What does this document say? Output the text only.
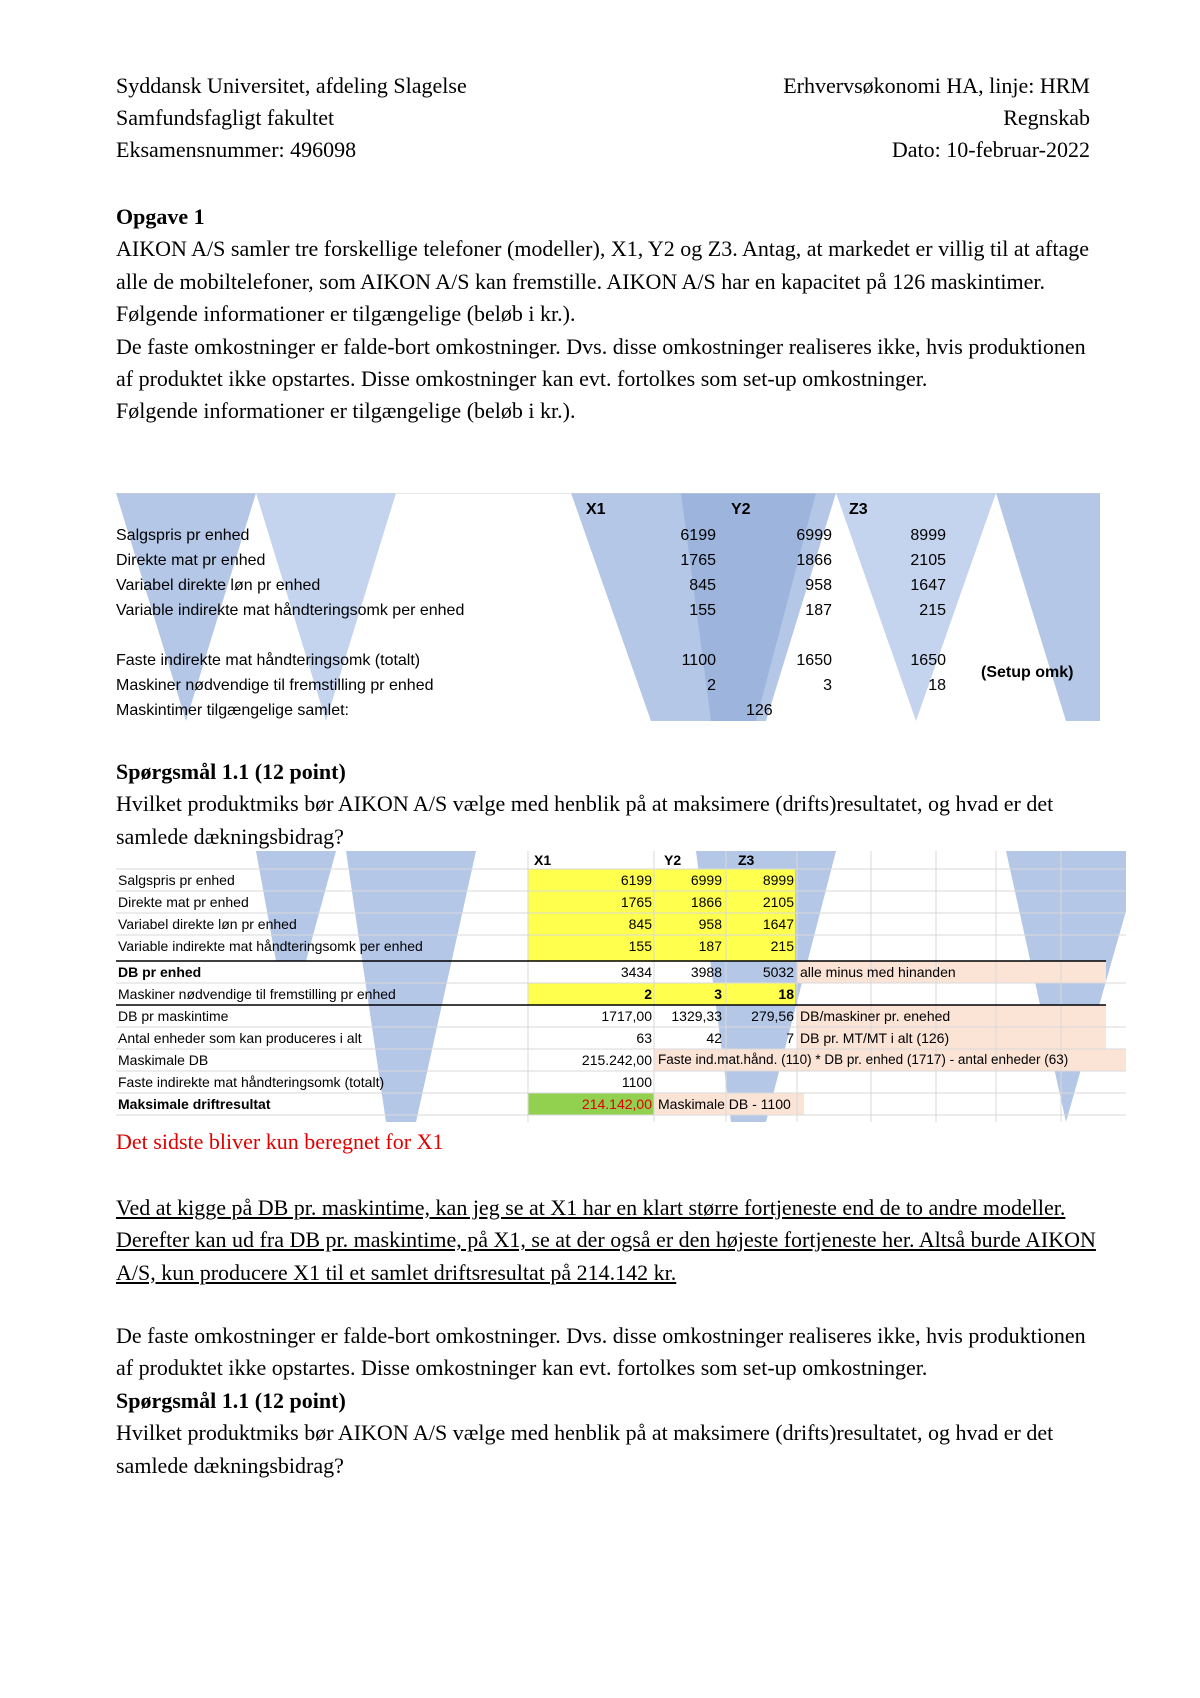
Syddansk Universitet, afdeling Slagelse
Samfundsfagligt fakultet
Eksamensnummer: 496098
Erhvervsøkonomi HA, linje: HRM
Regnskab
Dato: 10-februar-2022

Opgave 1

AIKON A/S samler tre forskellige telefoner (modeller), X1, Y2 og Z3. Antag, at markedet er villig til at aftage alle de mobiltelefoner, som AIKON A/S kan fremstille. AIKON A/S har en kapacitet på 126 maskintimer.

Følgende informationer er tilgængelige (beløb i kr.).

De faste omkostninger er falde-bort omkostninger. Dvs. disse omkostninger realiseres ikke, hvis produktionen af produktet ikke opstartes. Disse omkostninger kan evt. fortolkes som set-up omkostninger.

Følgende informationer er tilgængelige (beløb i kr.).

X1	Y2	Z3
Salgspris pr enhed	6199	6999	8999
Direkte mat pr enhed	1765	1866	2105
Variabel direkte løn pr enhed	845	958	1647
Variable indirekte mat håndteringsomk per enhed	155	187	215
Faste indirekte mat håndteringsomk (totalt)	1100	1650	1650
(Setup omk)
Maskiner nødvendige til fremstilling pr enhed	2	3	18
Maskintimer tilgængelige samlet:	126

Spørgsmål 1.1 (12 point)

Hvilket produktmiks bør AIKON A/S vælge med henblik på at maksimere (drifts)resultatet, og hvad er det samlede dækningsbidrag?

X1	Y2	Z3
Salgspris pr enhed	6199	6999	8999
Direkte mat pr enhed	1765	1866	2105
Variabel direkte løn pr enhed	845	958	1647
Variable indirekte mat håndteringsomk per enhed	155	187	215
DB pr enhed	3434	3988	5032 alle minus med hinanden
Maskiner nødvendige til fremstilling pr enhed	2	3	18
DB pr maskintime	1717,00	1329,33	279,56 DB/maskiner pr. enehed
Antal enheder som kan produceres i alt	63	42	7 DB pr. MT/MT i alt (126)
Maskimale DB	215.242,00 Faste ind.mat.hånd. (110) * DB pr. enhed (1717) - antal enheder (63)
Faste indirekte mat håndteringsomk (totalt)	1100
Maksimale driftresultat	214.142,00 Maskimale DB - 1100
Det sidste bliver kun beregnet for X1
Ved at kigge på DB pr. maskintime, kan jeg se at X1 har en klart større fortjeneste end de to andre modeller. Derefter kan ud fra DB pr. maskintime, på X1, se at der også er den højeste fortjeneste her. Altså burde AIKON A/S, kun producere X1 til et samlet driftsresultat på 214.142 kr.

De faste omkostninger er falde-bort omkostninger. Dvs. disse omkostninger realiseres ikke, hvis produktionen af produktet ikke opstartes. Disse omkostninger kan evt. fortolkes som set-up omkostninger.

Spørgsmål 1.1 (12 point)

Hvilket produktmiks bør AIKON A/S vælge med henblik på at maksimere (drifts)resultatet, og hvad er det samlede dækningsbidrag?
